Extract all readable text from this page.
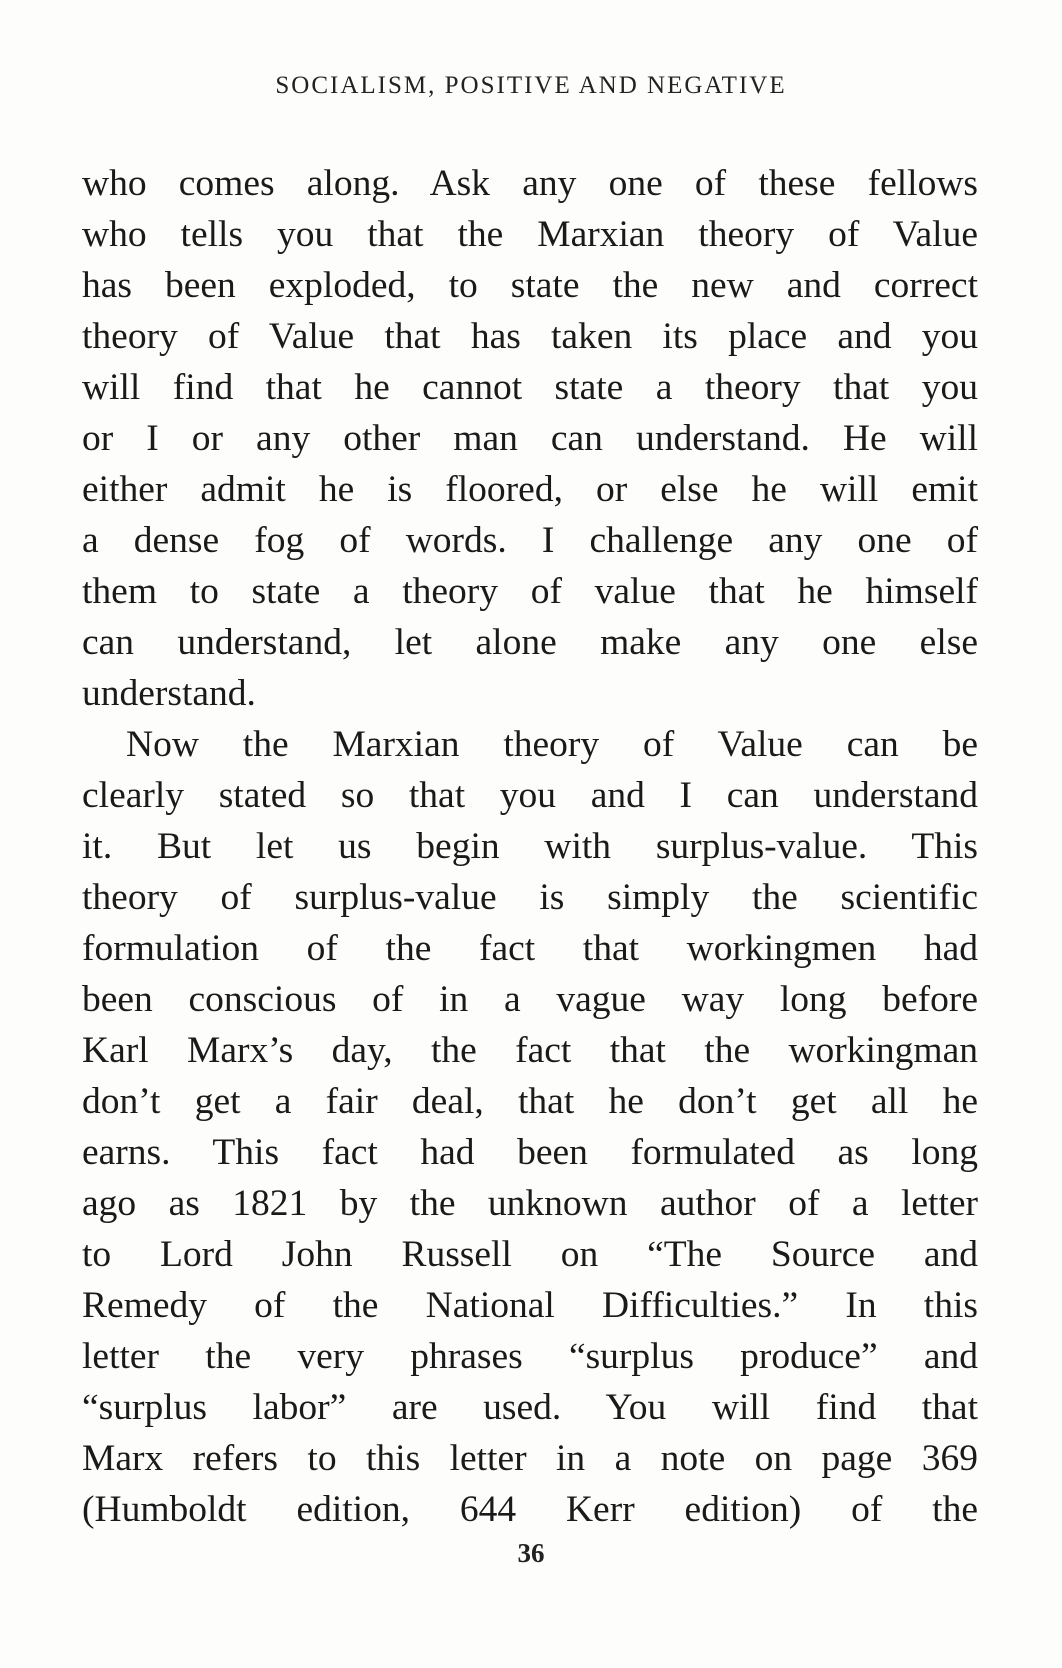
SOCIALISM, POSITIVE AND NEGATIVE
who comes along. Ask any one of these fellows
who tells you that the Marxian theory of Value
has been exploded, to state the new and correct
theory of Value that has taken its place and you
will find that he cannot state a theory that you
or I or any other man can understand. He will
either admit he is floored, or else he will emit
a dense fog of words. I challenge any one of
them to state a theory of value that he himself
can understand, let alone make any one else
understand.
Now the Marxian theory of Value can be
clearly stated so that you and I can understand
it. But let us begin with surplus-value. This
theory of surplus-value is simply the scientific
formulation of the fact that workingmen had
been conscious of in a vague way long before
Karl Marx’s day, the fact that the workingman
don’t get a fair deal, that he don’t get all he
earns. This fact had been formulated as long
ago as 1821 by the unknown author of a letter
to Lord John Russell on “The Source and
Remedy of the National Difficulties.” In this
letter the very phrases “surplus produce” and
“surplus labor” are used. You will find that
Marx refers to this letter in a note on page 369
(Humboldt edition, 644 Kerr edition) of the
36
